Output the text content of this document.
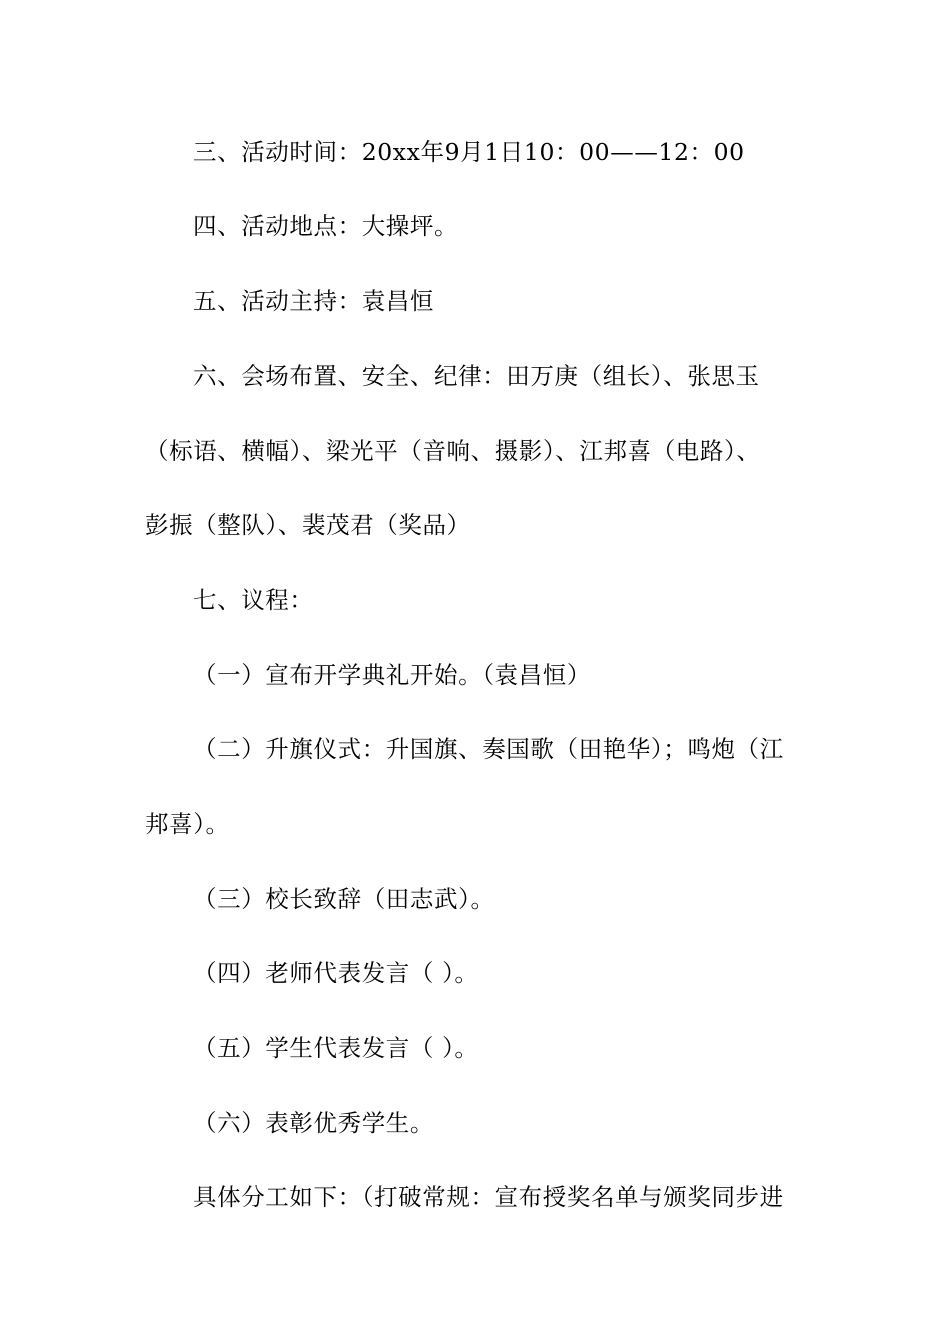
三、活动时间：20xx年9月1日10：00——12：00
四、活动地点：大操坪。
五、活动主持：袁昌恒
六、会场布置、安全、纪律：田万庚（组长）、张思玉
（标语、横幅）、梁光平（音响、摄影）、江邦喜（电路）、
彭振（整队）、裴茂君（奖品）
七、议程：
（一）宣布开学典礼开始。（袁昌恒）
（二）升旗仪式：升国旗、奏国歌（田艳华）；鸣炮（江
邦喜）。
（三）校长致辞（田志武）。
（四）老师代表发言（ ）。
（五）学生代表发言（ ）。
（六）表彰优秀学生。
具体分工如下：（打破常规：宣布授奖名单与颁奖同步进
